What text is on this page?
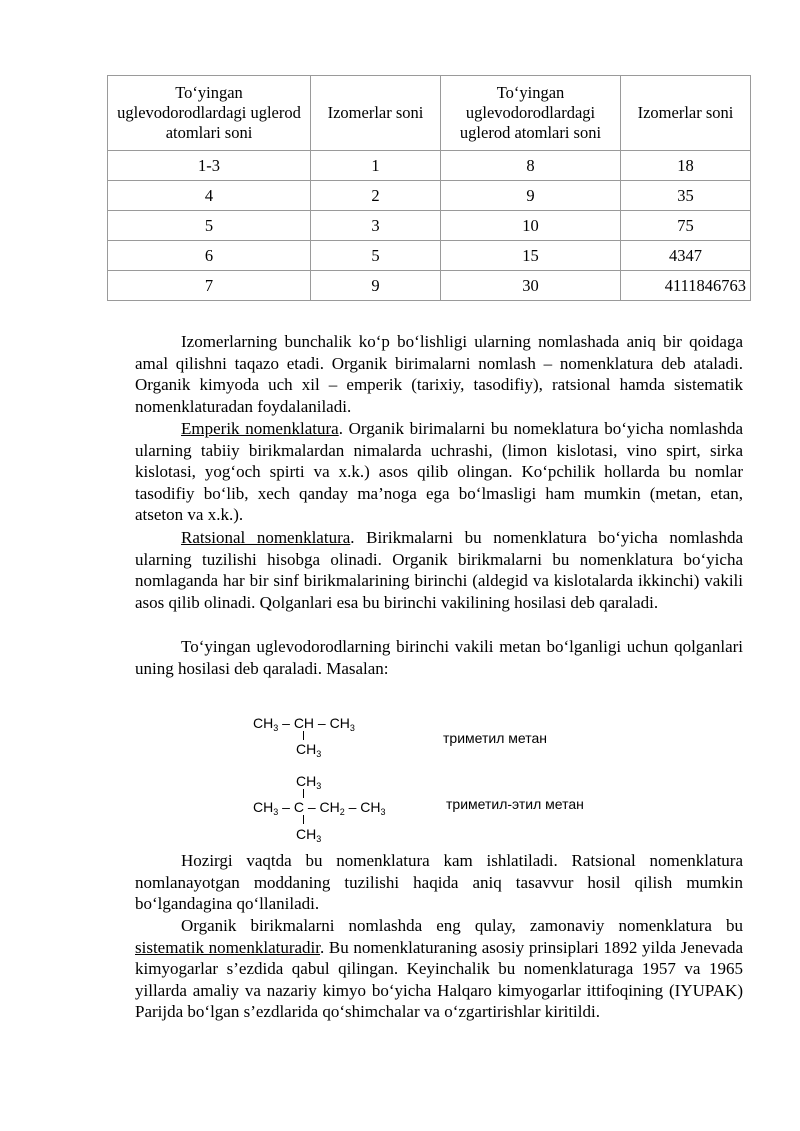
To‘yingan uglevodorodlardagi uglerod atomlari soni	Izomerlar soni	To‘yingan uglevodorodlardagi uglerod atomlari soni	Izomerlar soni
1-3	1	8	18
4	2	9	35
5	3	10	75
6	5	15	4347
7	9	30	4111846763

Izomerlarning bunchalik ko‘p bo‘lishligi ularning nomlashada aniq bir qoidaga amal qilishni taqazo etadi. Organik birimalarni nomlash – nomenklatura deb ataladi. Organik kimyoda uch xil – emperik (tarixiy, tasodifiy), ratsional hamda sistematik nomenklaturadan foydalaniladi.

Emperik nomenklatura. Organik birimalarni bu nomeklatura bo‘yicha nomlashda ularning tabiiy birikmalardan nimalarda uchrashi, (limon kislotasi, vino spirt, sirka kislotasi, yog‘och spirti va x.k.) asos qilib olingan. Ko‘pchilik hollarda bu nomlar tasodifiy bo‘lib, xech qanday ma’noga ega bo‘lmasligi ham mumkin (metan, etan, atseton va x.k.).

Ratsional nomenklatura. Birikmalarni bu nomenklatura bo‘yicha nomlashda ularning tuzilishi hisobga olinadi. Organik birikmalarni bu nomenklatura bo‘yicha nomlaganda har bir sinf birikmalarining birinchi (aldegid va kislotalarda ikkinchi) vakili asos qilib olinadi. Qolganlari esa bu birinchi vakilining hosilasi deb qaraladi.

To‘yingan uglevodorodlarning birinchi vakili metan bo‘lganligi uchun qolganlari uning hosilasi deb qaraladi. Masalan:

$CH_3$ – CH – $CH_3$
$CH_3$
триметил метан
$CH_3$
$CH_3$ – C – $CH_2 - CH_3$
$CH_3$
триметил-этил метан

Hozirgi vaqtda bu nomenklatura kam ishlatiladi. Ratsional nomenklatura nomlanayotgan moddaning tuzilishi haqida aniq tasavvur hosil qilish mumkin bo‘lgandagina qo‘llaniladi.

Organik birikmalarni nomlashda eng qulay, zamonaviy nomenklatura bu sistematik nomenklaturadir. Bu nomenklaturaning asosiy prinsiplari 1892 yilda Jenevada kimyogarlar s’ezdida qabul qilingan. Keyinchalik bu nomenklaturaga 1957 va 1965 yillarda amaliy va nazariy kimyo bo‘yicha Halqaro kimyogarlar ittifoqining (IYUPAK) Parijda bo‘lgan s’ezdlarida qo‘shimchalar va o‘zgartirishlar kiritildi.
